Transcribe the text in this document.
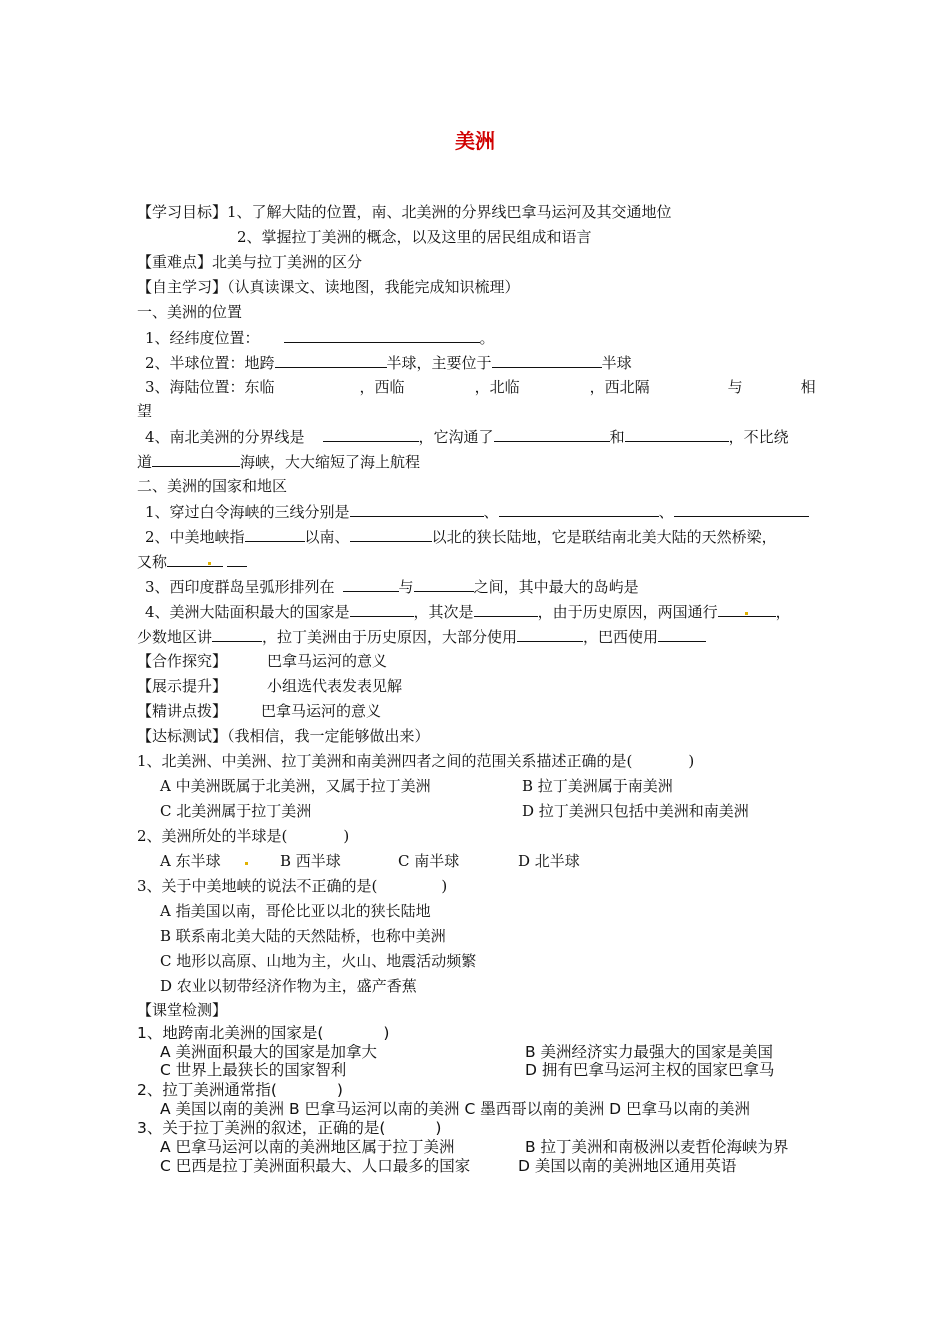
美洲
【学习目标】1、了解大陆的位置，南、北美洲的分界线巴拿马运河及其交通地位
2、掌握拉丁美洲的概念，以及这里的居民组成和语言
【重难点】北美与拉丁美洲的区分
【自主学习】（认真读课文、读地图，我能完成知识梳理）
一、美洲的位置
1、经纬度位置：	。
2、半球位置：地跨	半球，主要位于	半球
3、海陆位置：东临	，西临	，北临	，西北隔	与	相
望
4、南北美洲的分界线是	，它沟通了	和	，不比绕
道	海峡，大大缩短了海上航程
二、美洲的国家和地区
1、穿过白令海峡的三线分别是	、	、
2、中美地峡指	以南、	以北的狭长陆地，它是联结南北美大陆的天然桥梁，
又称
3、西印度群岛呈弧形排列在	与	之间，其中最大的岛屿是
4、美洲大陆面积最大的国家是	，其次是	，由于历史原因，两国通行	，
少数地区讲	，拉丁美洲由于历史原因，大部分使用	，巴西使用
【合作探究】	巴拿马运河的意义
【展示提升】	小组选代表发表见解
【精讲点拨】 巴拿马运河的意义
【达标测试】（我相信，我一定能够做出来）
1、北美洲、中美洲、拉丁美洲和南美洲四者之间的范围关系描述正确的是(	)
A 中美洲既属于北美洲，又属于拉丁美洲	B 拉丁美洲属于南美洲
C 北美洲属于拉丁美洲	D 拉丁美洲只包括中美洲和南美洲
2、美洲所处的半球是(	)
A 东半球	B 西半球	C 南半球	D 北半球
3、关于中美地峡的说法不正确的是(	)
A 指美国以南，哥伦比亚以北的狭长陆地
B 联系南北美大陆的天然陆桥，也称中美洲
C 地形以高原、山地为主，火山、地震活动频繁
D 农业以韧带经济作物为主，盛产香蕉
【课堂检测】
1、地跨南北美洲的国家是(	)
A 美洲面积最大的国家是加拿大	B 美洲经济实力最强大的国家是美国
C 世界上最狭长的国家智利	D 拥有巴拿马运河主权的国家巴拿马
2、拉丁美洲通常指(	)
A 美国以南的美洲 B 巴拿马运河以南的美洲 C 墨西哥以南的美洲 D 巴拿马以南的美洲
3、关于拉丁美洲的叙述，正确的是(	)
A 巴拿马运河以南的美洲地区属于拉丁美洲	B 拉丁美洲和南极洲以麦哲伦海峡为界
C 巴西是拉丁美洲面积最大、人口最多的国家	D 美国以南的美洲地区通用英语
